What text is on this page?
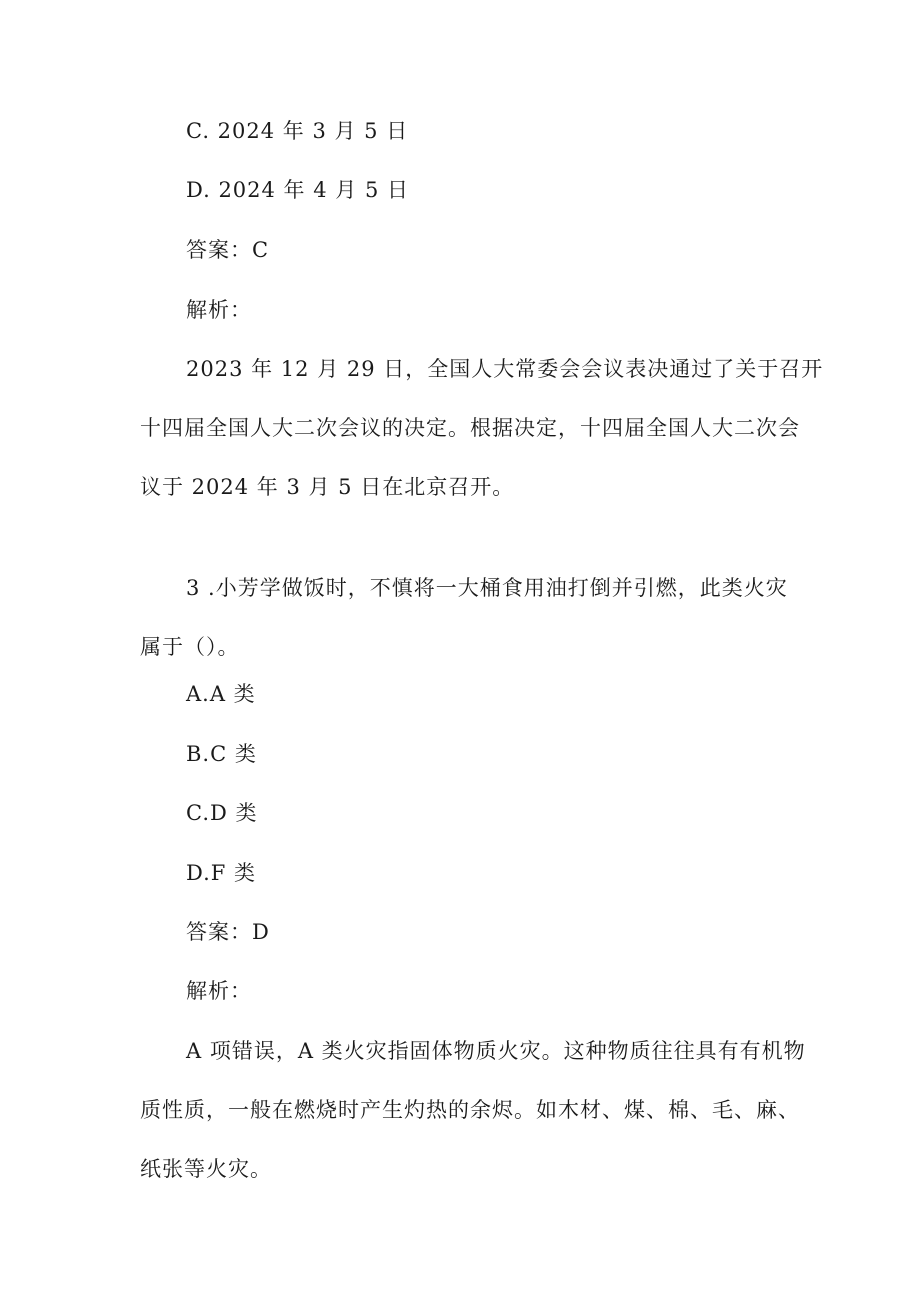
C. 2024 年 3 月 5 日
D. 2024 年 4 月 5 日
答案：C
解析：
2023 年 12 月 29 日，全国人大常委会会议表决通过了关于召开
十四届全国人大二次会议的决定。根据决定，十四届全国人大二次会
议于 2024 年 3 月 5 日在北京召开。
3 .小芳学做饭时，不慎将一大桶食用油打倒并引燃，此类火灾
属于（）。
A.A 类
B.C 类
C.D 类
D.F 类
答案：D
解析：
A 项错误，A 类火灾指固体物质火灾。这种物质往往具有有机物
质性质，一般在燃烧时产生灼热的余烬。如木材、煤、棉、毛、麻、
纸张等火灾。
